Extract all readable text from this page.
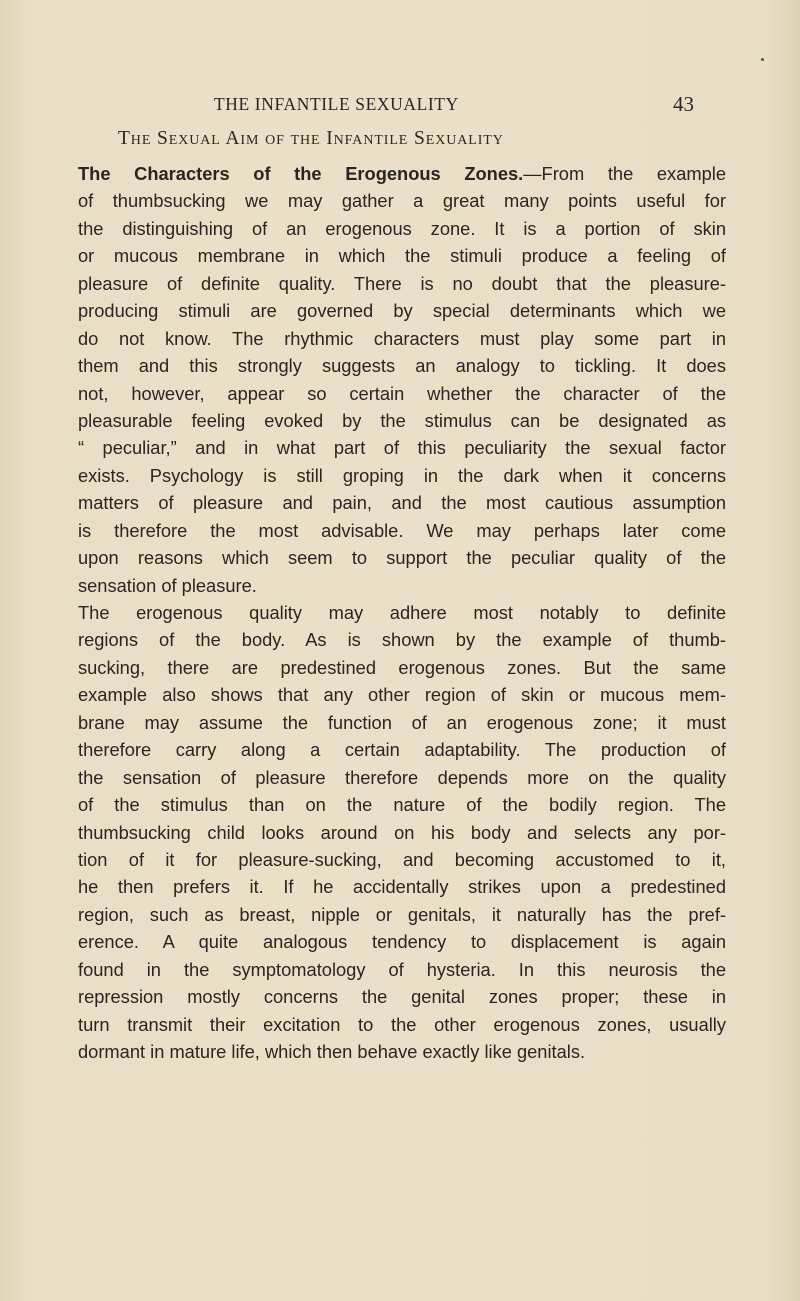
THE INFANTILE SEXUALITY	43
The Sexual Aim of the Infantile Sexuality
The Characters of the Erogenous Zones.—From the example
of thumbsucking we may gather a great many points useful for
the distinguishing of an erogenous zone. It is a portion of skin
or mucous membrane in which the stimuli produce a feeling of
pleasure of definite quality. There is no doubt that the pleasure-
producing stimuli are governed by special determinants which we
do not know. The rhythmic characters must play some part in
them and this strongly suggests an analogy to tickling. It does
not, however, appear so certain whether the character of the
pleasurable feeling evoked by the stimulus can be designated as
“ peculiar,” and in what part of this peculiarity the sexual factor
exists. Psychology is still groping in the dark when it concerns
matters of pleasure and pain, and the most cautious assumption
is therefore the most advisable. We may perhaps later come
upon reasons which seem to support the peculiar quality of the
sensation of pleasure.
The erogenous quality may adhere most notably to definite
regions of the body. As is shown by the example of thumb-
sucking, there are predestined erogenous zones. But the same
example also shows that any other region of skin or mucous mem-
brane may assume the function of an erogenous zone; it must
therefore carry along a certain adaptability. The production of
the sensation of pleasure therefore depends more on the quality
of the stimulus than on the nature of the bodily region. The
thumbsucking child looks around on his body and selects any por-
tion of it for pleasure-sucking, and becoming accustomed to it,
he then prefers it. If he accidentally strikes upon a predestined
region, such as breast, nipple or genitals, it naturally has the pref-
erence. A quite analogous tendency to displacement is again
found in the symptomatology of hysteria. In this neurosis the
repression mostly concerns the genital zones proper; these in
turn transmit their excitation to the other erogenous zones, usually
dormant in mature life, which then behave exactly like genitals.
